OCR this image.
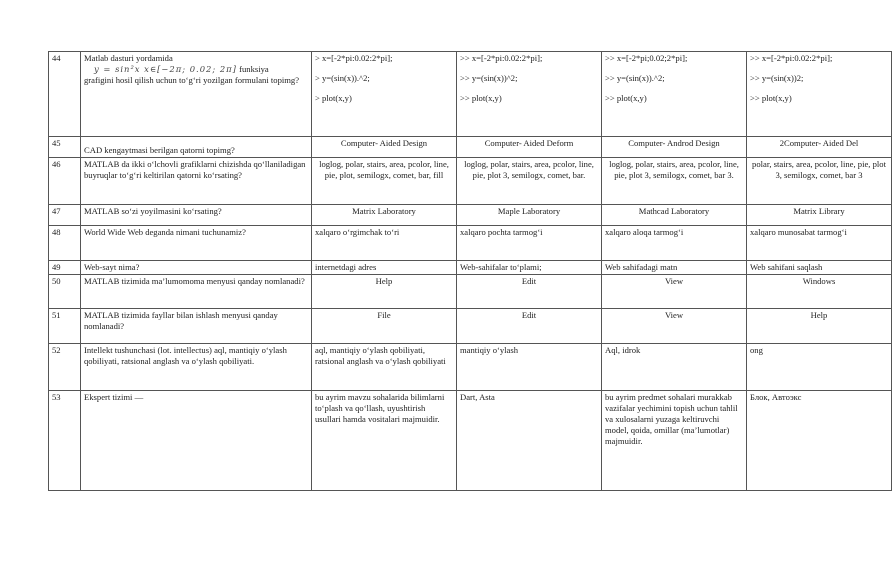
44	Matlab dasturi yordamida
y = sin²x x∈[−2π; 0.02; 2π] funksiya
grafigini hosil qilish uchun to‘g‘ri yozilgan formulani topimg?	> x=[-2*pi:0.02:2*pi];
> y=(sin(x)).^2;
> plot(x,y)	>> x=[-2*pi:0.02:2*pi];
>> y=(sin(x))^2;
>> plot(x,y)	>> x=[-2*pi;0.02;2*pi];
>> y=(sin(x)).^2;
>> plot(x,y)	>> x=[-2*pi:0.02:2*pi];
>> y=(sin(x))2;
>> plot(x,y)

45	CAD kengaytmasi berilgan qatorni topimg?	Computer- Aided Design	Computer- Aided Deform	Computer- Androd Design	2Computer- Aided Del
46	MATLAB da ikki o‘lchovli grafiklarni chizishda qo‘llaniladigan buyruqlar to‘g‘ri keltirilan qatorni ko‘rsating?	loglog, polar, stairs, area, pcolor, line, pie, plot, semilogx, comet, bar, fill	loglog, polar, stairs, area, pcolor, line, pie, plot 3, semilogx, comet, bar.	loglog, polar, stairs, area, pcolor, line, pie, plot 3, semilogx, comet, bar 3.	polar, stairs, area, pcolor, line, pie, plot 3, semilogx, comet, bar 3
47	MATLAB so‘zi yoyilmasini ko‘rsating?	Matrix Laboratory	Maple Laboratory	Mathcad Laboratory	Matrix Library
48	World Wide Web deganda nimani tuchunamiz?	xalqaro o‘rgimchak to‘ri	xalqaro pochta tarmog‘i	xalqaro aloqa tarmog‘i	xalqaro munosabat tarmog‘i
49	Web-sayt nima?	internetdagi adres	Web-sahifalar to‘plami;	Web sahifadagi matn	Web sahifani saqlash
50	MATLAB tizimida ma’lumomoma menyusi qanday nomlanadi?	Help	Edit	View	Windows
51	MATLAB tizimida fayllar bilan ishlash menyusi qanday nomlanadi?	File	Edit	View	Help
52	Intellekt tushunchasi (lot. intellectus) aql, mantiqiy o‘ylash qobiliyati, ratsional anglash va o‘ylash qobiliyati.	aql, mantiqiy o‘ylash qobiliyati, ratsional anglash va o‘ylash qobiliyati	mantiqiy o‘ylash	Aql, idrok	ong
53	Ekspert tizimi —	bu ayrim mavzu sohalarida bilimlarni to‘plash va qo‘llash, uyushtirish usullari hamda vositalari majmuidir.	Dart, Asta	bu ayrim predmet sohalari murakkab vazifalar yechimini topish uchun tahlil va xulosalarni yuzaga keltiruvchi model, qoida, omillar (ma’lumotlar) majmuidir.	Блок, Автоэкс
